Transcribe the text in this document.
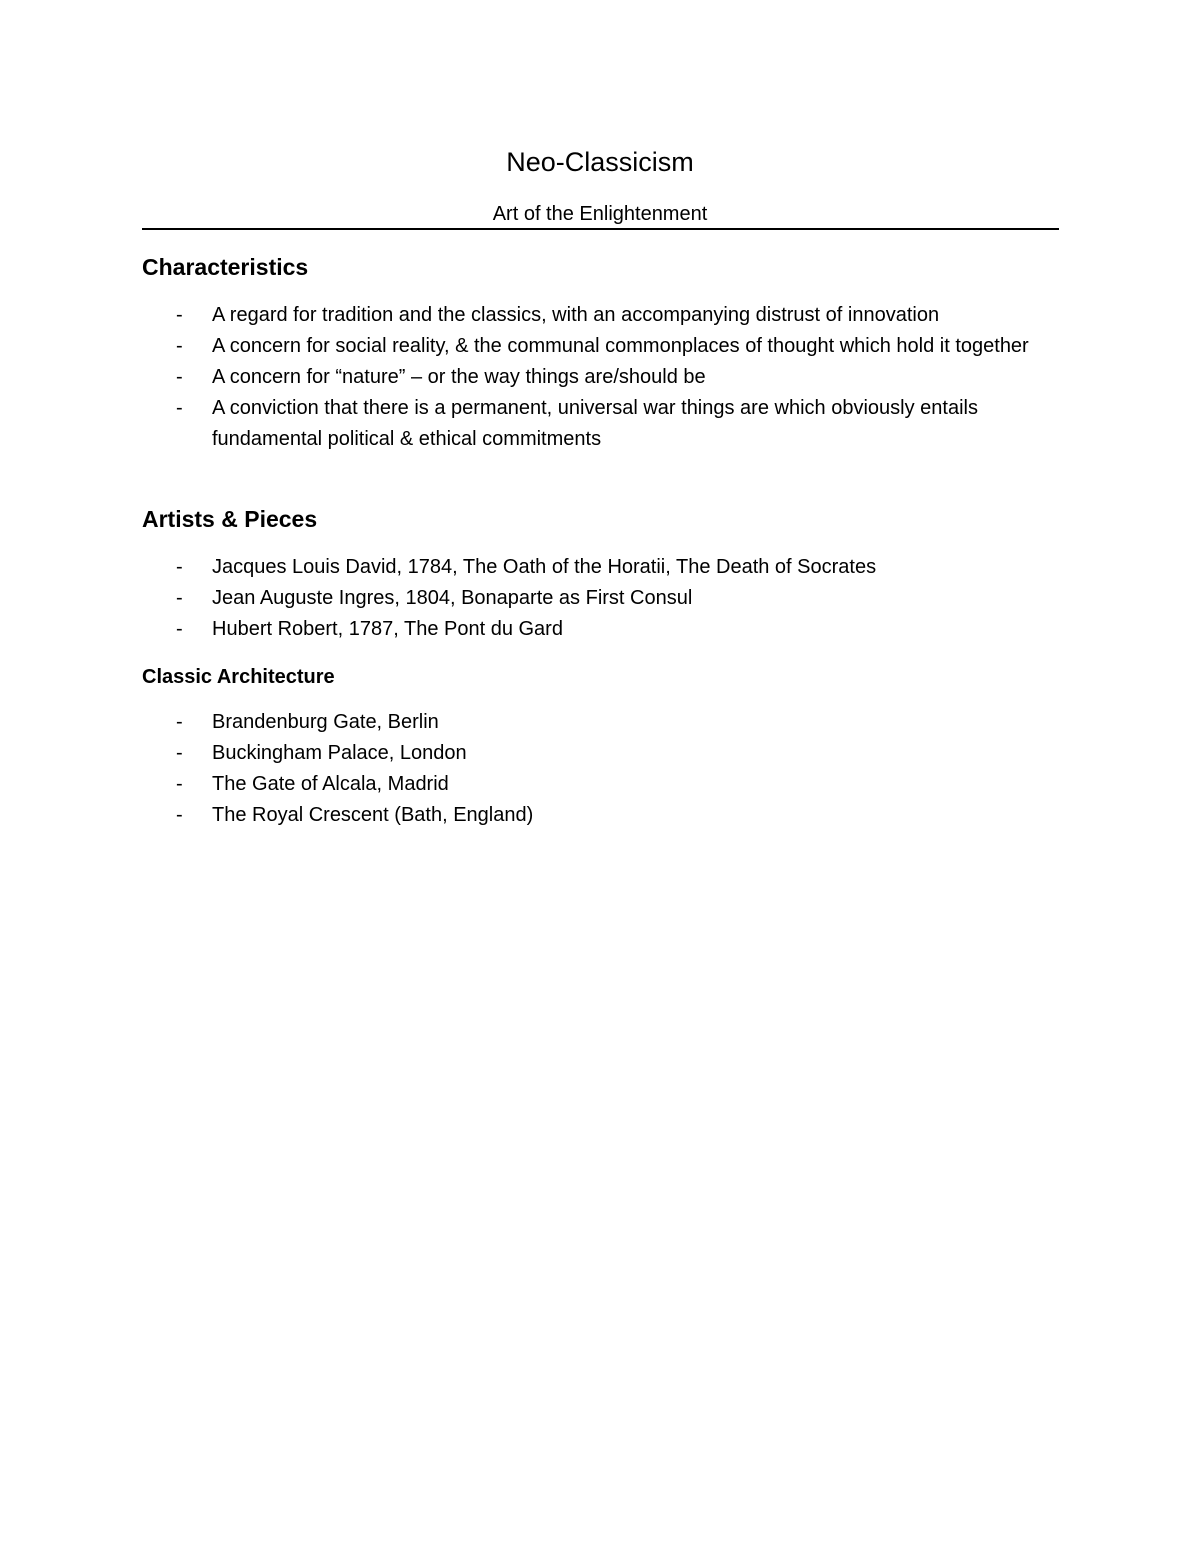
Neo-Classicism
Art of the Enlightenment
Characteristics
- A regard for tradition and the classics, with an accompanying distrust of innovation
- A concern for social reality, & the communal commonplaces of thought which hold it together
- A concern for “nature” – or the way things are/should be
- A conviction that there is a permanent, universal war things are which obviously entails fundamental political & ethical commitments
Artists & Pieces
- Jacques Louis David, 1784, The Oath of the Horatii, The Death of Socrates
- Jean Auguste Ingres, 1804, Bonaparte as First Consul
- Hubert Robert, 1787, The Pont du Gard
Classic Architecture
- Brandenburg Gate, Berlin
- Buckingham Palace, London
- The Gate of Alcala, Madrid
- The Royal Crescent (Bath, England)
